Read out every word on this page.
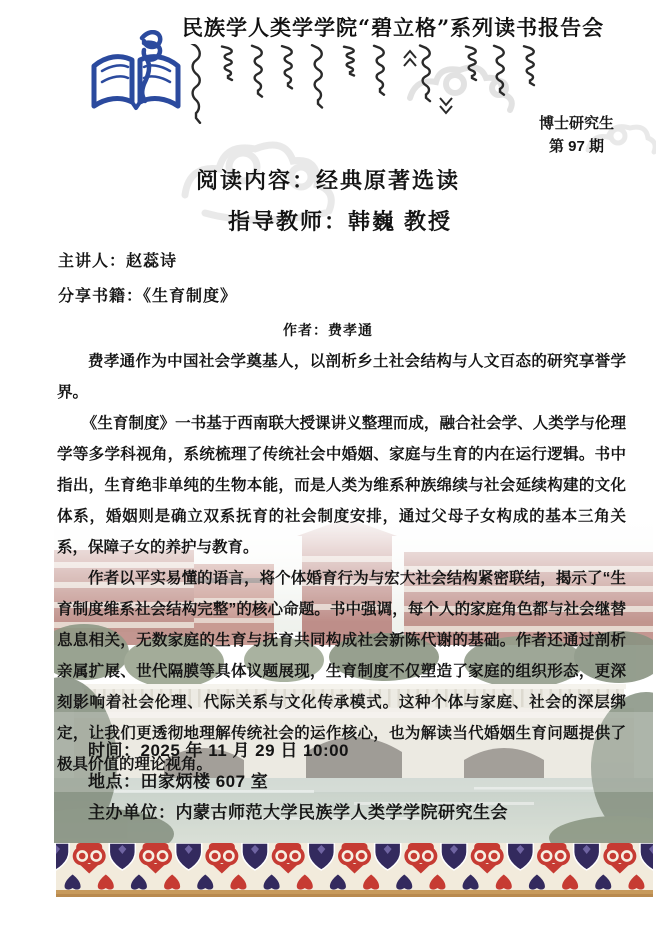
民族学人类学学院“碧立格”系列读书报告会
博士研究生
第 97 期
阅读内容：经典原著选读
指导教师：韩巍 教授
主讲人：赵蕊诗
分享书籍：《生育制度》
作者：费孝通

费孝通作为中国社会学奠基人，以剖析乡土社会结构与人文百态的研究享誉学界。

《生育制度》一书基于西南联大授课讲义整理而成，融合社会学、人类学与伦理学等多学科视角，系统梳理了传统社会中婚姻、家庭与生育的内在运行逻辑。书中指出，生育绝非单纯的生物本能，而是人类为维系种族绵续与社会延续构建的文化体系，婚姻则是确立双系抚育的社会制度安排，通过父母子女构成的基本三角关系，保障子女的养护与教育。

作者以平实易懂的语言，将个体婚育行为与宏大社会结构紧密联结，揭示了“生育制度维系社会结构完整”的核心命题。书中强调，每个人的家庭角色都与社会继替息息相关，无数家庭的生育与抚育共同构成社会新陈代谢的基础。作者还通过剖析亲属扩展、世代隔膜等具体议题展现，生育制度不仅塑造了家庭的组织形态，更深刻影响着社会伦理、代际关系与文化传承模式。这种个体与家庭、社会的深层绑定，让我们更透彻地理解传统社会的运作核心，也为解读当代婚姻生育问题提供了极具价值的理论视角。

时间：2025 年 11 月 29 日 10:00
地点：田家炳楼 607 室
主办单位：内蒙古师范大学民族学人类学学院研究生会
